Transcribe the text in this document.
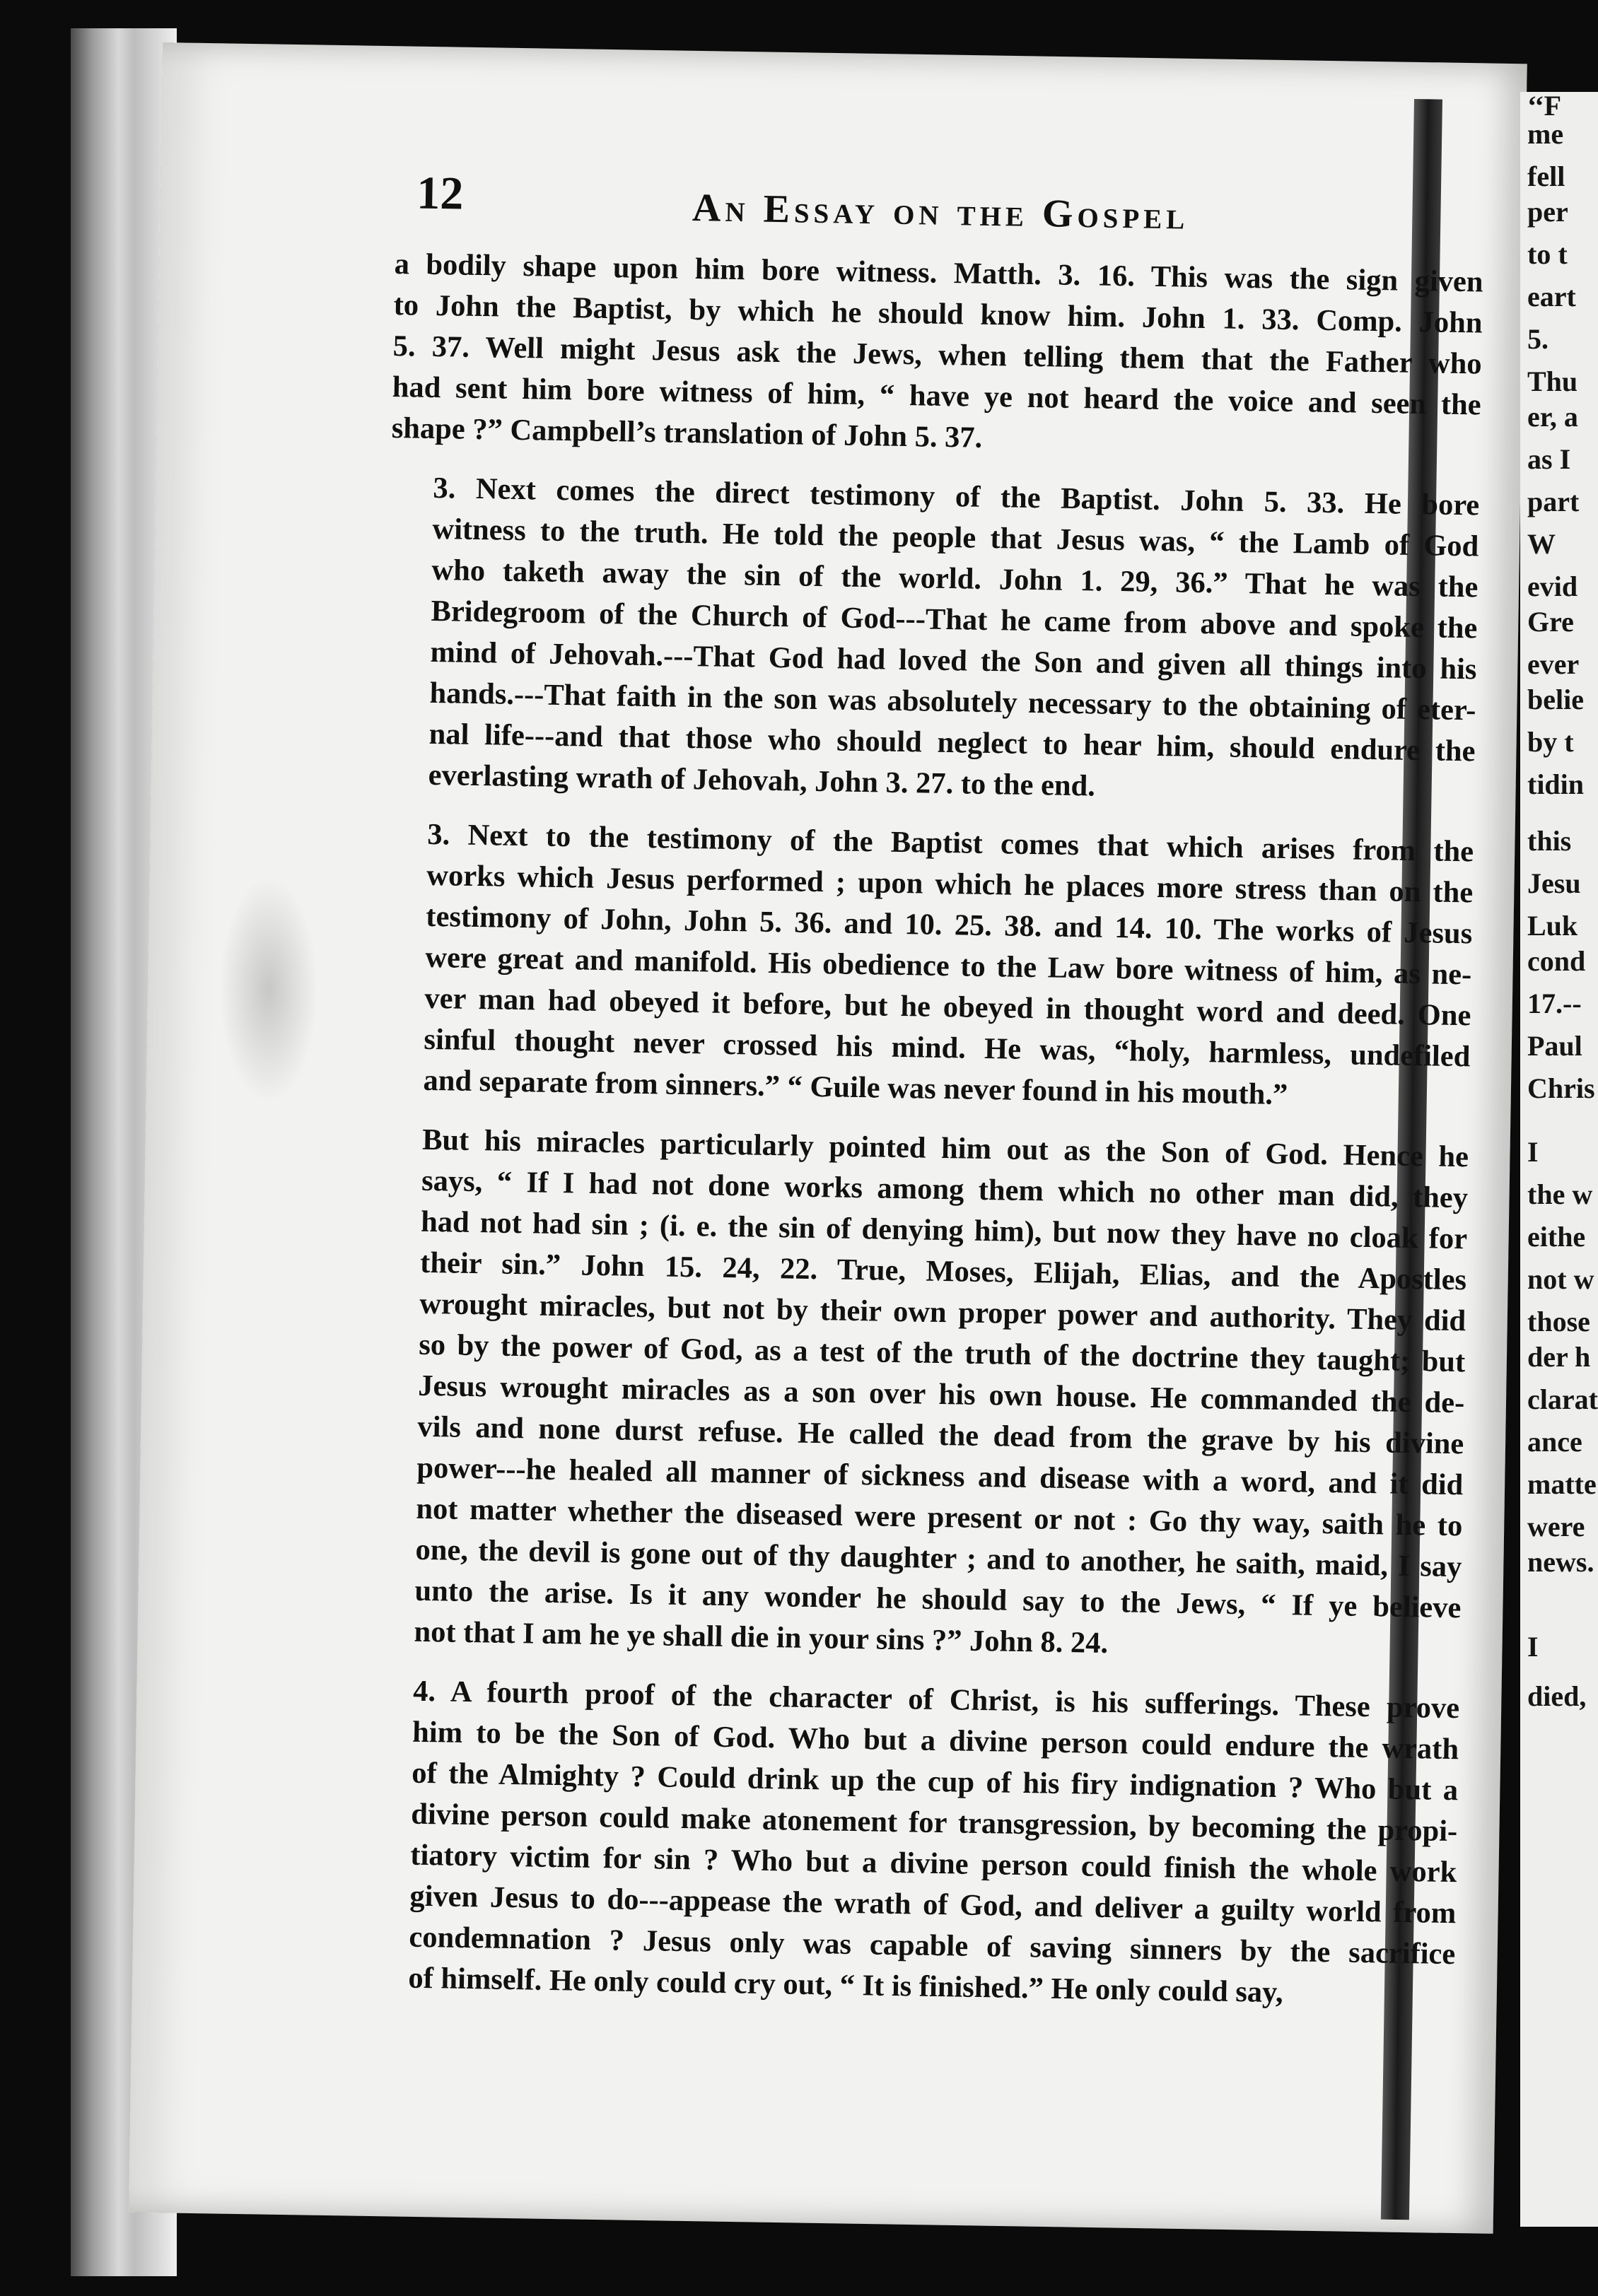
‘‘F
me
fell
per
to t
eart
5.
Thu
er, a
as I
part
W
evid
Gre
ever
belie
by t
tidin
this
Jesu
Luk
cond
17.--
Paul
Chris
I
the w
eithe
not w
those
der h
clarat
ance
matte
were
news.
I
died,
12	An Essay on the Gospel

a bodily shape upon him bore witness. Matth. 3. 16. This was the sign given
to John the Baptist, by which he should know him. John 1. 33. Comp. John
5. 37. Well might Jesus ask the Jews, when telling them that the Father who
had sent him bore witness of him, “ have ye not heard the voice and seen the
shape ?” Campbell’s translation of John 5. 37.

3. Next comes the direct testimony of the Baptist. John 5. 33. He bore
witness to the truth. He told the people that Jesus was, “ the Lamb of God
who taketh away the sin of the world. John 1. 29, 36.” That he was the
Bridegroom of the Church of God---That he came from above and spoke the
mind of Jehovah.---That God had loved the Son and given all things into his
hands.---That faith in the son was absolutely necessary to the obtaining of eter-
nal life---and that those who should neglect to hear him, should endure the
everlasting wrath of Jehovah, John 3. 27. to the end.

3. Next to the testimony of the Baptist comes that which arises from the
works which Jesus performed ; upon which he places more stress than on the
testimony of John, John 5. 36. and 10. 25. 38. and 14. 10. The works of Jesus
were great and manifold. His obedience to the Law bore witness of him, as ne-
ver man had obeyed it before, but he obeyed in thought word and deed. One
sinful thought never crossed his mind. He was, “holy, harmless, undefiled
and separate from sinners.” “ Guile was never found in his mouth.”

But his miracles particularly pointed him out as the Son of God. Hence he
says, “ If I had not done works among them which no other man did, they
had not had sin ; (i. e. the sin of denying him), but now they have no cloak for
their sin.” John 15. 24, 22. True, Moses, Elijah, Elias, and the Apostles
wrought miracles, but not by their own proper power and authority. They did
so by the power of God, as a test of the truth of the doctrine they taught; but
Jesus wrought miracles as a son over his own house. He commanded the de-
vils and none durst refuse. He called the dead from the grave by his divine
power---he healed all manner of sickness and disease with a word, and it did
not matter whether the diseased were present or not : Go thy way, saith he to
one, the devil is gone out of thy daughter ; and to another, he saith, maid, I say
unto the arise. Is it any wonder he should say to the Jews, “ If ye believe
not that I am he ye shall die in your sins ?” John 8. 24.

4. A fourth proof of the character of Christ, is his sufferings. These prove
him to be the Son of God. Who but a divine person could endure the wrath
of the Almighty ? Could drink up the cup of his firy indignation ? Who but a
divine person could make atonement for transgression, by becoming the propi-
tiatory victim for sin ? Who but a divine person could finish the whole work
given Jesus to do---appease the wrath of God, and deliver a guilty world from
condemnation ? Jesus only was capable of saving sinners by the sacrifice
of himself. He only could cry out, “ It is finished.” He only could say,
